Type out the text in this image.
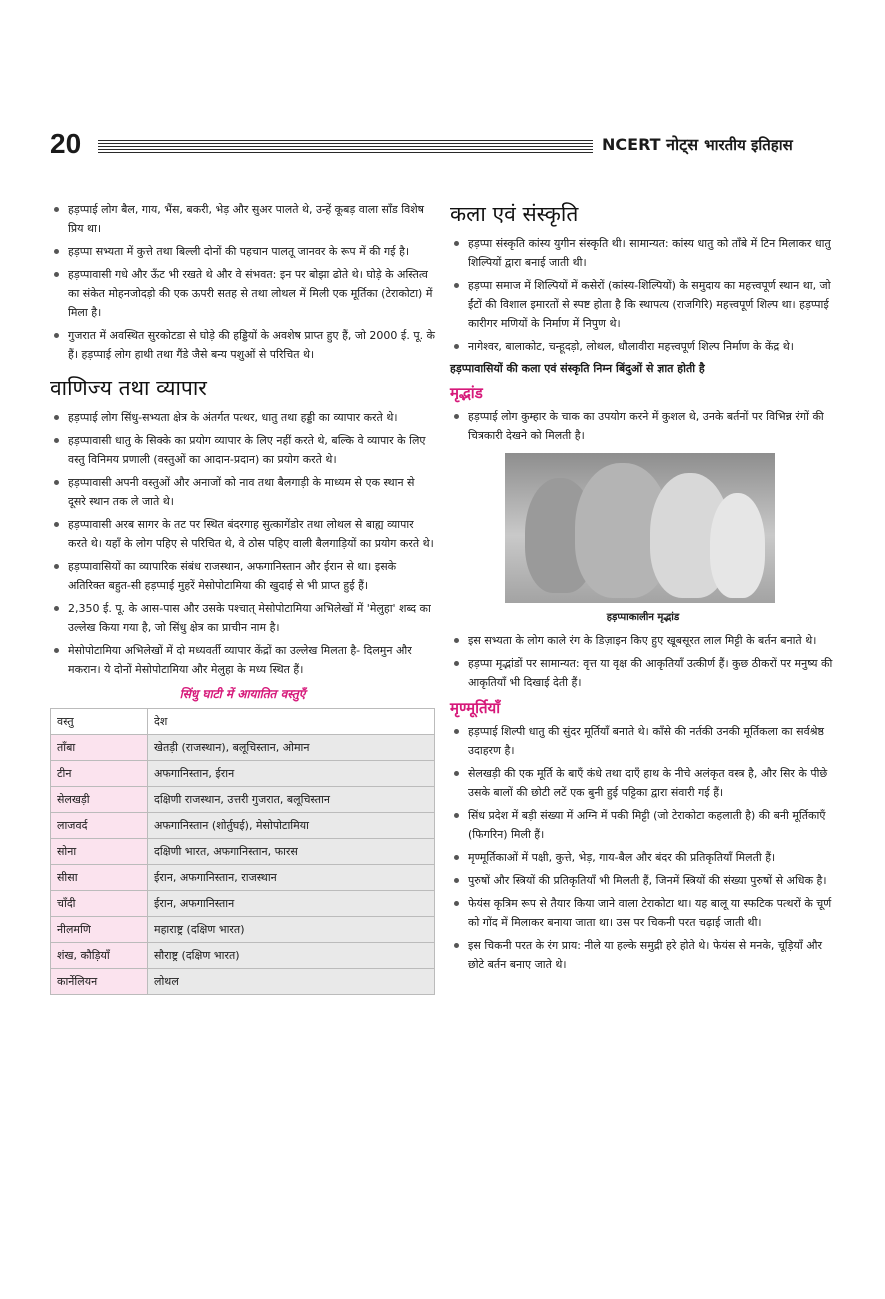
20	NCERT नोट्स भारतीय इतिहास
हड़प्पाई लोग बैल, गाय, भैंस, बकरी, भेड़ और सुअर पालते थे, उन्हें कूबड़ वाला साँड विशेष प्रिय था।
हड़प्पा सभ्यता में कुत्ते तथा बिल्ली दोनों की पहचान पालतू जानवर के रूप में की गई है।
हड़प्पावासी गधे और ऊँट भी रखते थे और वे संभवत: इन पर बोझा ढोते थे। घोड़े के अस्तित्व का संकेत मोहनजोदड़ो की एक ऊपरी सतह से तथा लोथल में मिली एक मूर्तिका (टेराकोटा) में मिला है।
गुजरात में अवस्थित सुरकोटडा से घोड़े की हड्डियों के अवशेष प्राप्त हुए हैं, जो 2000 ई. पू. के हैं। हड़प्पाई लोग हाथी तथा गैंडे जैसे बन्य पशुओं से परिचित थे।
वाणिज्य तथा व्यापार
हड़प्पाई लोग सिंधु-सभ्यता क्षेत्र के अंतर्गत पत्थर, धातु तथा हड्डी का व्यापार करते थे।
हड़प्पावासी धातु के सिक्के का प्रयोग व्यापार के लिए नहीं करते थे, बल्कि वे व्यापार के लिए वस्तु विनिमय प्रणाली (वस्तुओं का आदान-प्रदान) का प्रयोग करते थे।
हड़प्पावासी अपनी वस्तुओं और अनाजों को नाव तथा बैलगाड़ी के माध्यम से एक स्थान से दूसरे स्थान तक ले जाते थे।
हड़प्पावासी अरब सागर के तट पर स्थित बंदरगाह सुत्कागेंडोर तथा लोथल से बाह्य व्यापार करते थे। यहाँ के लोग पहिए से परिचित थे, वे ठोस पहिए वाली बैलगाड़ियों का प्रयोग करते थे।
हड़प्पावासियों का व्यापारिक संबंध राजस्थान, अफगानिस्तान और ईरान से था। इसके अतिरिक्त बहुत-सी हड़प्पाई मुहरें मेसोपोटामिया की खुदाई से भी प्राप्त हुई हैं।
2,350 ई. पू. के आस-पास और उसके पश्चात् मेसोपोटामिया अभिलेखों में 'मेलुहा' शब्द का उल्लेख किया गया है, जो सिंधु क्षेत्र का प्राचीन नाम है।
मेसोपोटामिया अभिलेखों में दो मध्यवर्ती व्यापार केंद्रों का उल्लेख मिलता है- दिलमुन और मकरान। ये दोनों मेसोपोटामिया और मेलुहा के मध्य स्थित हैं।
सिंधु घाटी में आयातित वस्तुएँ
वस्तु	देश
ताँबा	खेतड़ी (राजस्थान), बलूचिस्तान, ओमान
टीन	अफगानिस्तान, ईरान
सेलखड़ी	दक्षिणी राजस्थान, उत्तरी गुजरात, बलूचिस्तान
लाजवर्द	अफगानिस्तान (शोर्तुघई), मेसोपोटामिया
सोना	दक्षिणी भारत, अफगानिस्तान, फारस
सीसा	ईरान, अफगानिस्तान, राजस्थान
चाँदी	ईरान, अफगानिस्तान
नीलमणि	महाराष्ट्र (दक्षिण भारत)
शंख, कौड़ियाँ	सौराष्ट्र (दक्षिण भारत)
कार्नेलियन	लोथल
कला एवं संस्कृति
हड़प्पा संस्कृति कांस्य युगीन संस्कृति थी। सामान्यत: कांस्य धातु को ताँबे में टिन मिलाकर धातु शिल्पियों द्वारा बनाई जाती थी।
हड़प्पा समाज में शिल्पियों में कसेरों (कांस्य-शिल्पियों) के समुदाय का महत्त्वपूर्ण स्थान था, जो ईंटों की विशाल इमारतों से स्पष्ट होता है कि स्थापत्य (राजगिरि) महत्त्वपूर्ण शिल्प था। हड़प्पाई कारीगर मणियों के निर्माण में निपुण थे।
नागेश्वर, बालाकोट, चन्हूदड़ो, लोथल, धौलावीरा महत्त्वपूर्ण शिल्प निर्माण के केंद्र थे।
हड़प्पावासियों की कला एवं संस्कृति निम्न बिंदुओं से ज्ञात होती है
मृद्भांड
हड़प्पाई लोग कुम्हार के चाक का उपयोग करने में कुशल थे, उनके बर्तनों पर विभिन्न रंगों की चित्रकारी देखने को मिलती है।
हड़प्पाकालीन मृद्भांड
इस सभ्यता के लोग काले रंग के डिज़ाइन किए हुए खूबसूरत लाल मिट्टी के बर्तन बनाते थे।
हड़प्पा मृद्भांडों पर सामान्यत: वृत्त या वृक्ष की आकृतियाँ उत्कीर्ण हैं। कुछ ठीकरों पर मनुष्य की आकृतियाँ भी दिखाई देती हैं।
मृण्मूर्तियाँ
हड़प्पाई शिल्पी धातु की सुंदर मूर्तियाँ बनाते थे। काँसे की नर्तकी उनकी मूर्तिकला का सर्वश्रेष्ठ उदाहरण है।
सेलखड़ी की एक मूर्ति के बाएँ कंधे तथा दाएँ हाथ के नीचे अलंकृत वस्त्र है, और सिर के पीछे उसके बालों की छोटी लटें एक बुनी हुई पट्टिका द्वारा संवारी गई हैं।
सिंध प्रदेश में बड़ी संख्या में अग्नि में पकी मिट्टी (जो टेराकोटा कहलाती है) की बनी मूर्तिकाएँ (फिगरिन) मिली हैं।
मृण्मूर्तिकाओं में पक्षी, कुत्ते, भेड़, गाय-बैल और बंदर की प्रतिकृतियाँ मिलती हैं।
पुरुषों और स्त्रियों की प्रतिकृतियाँ भी मिलती हैं, जिनमें स्त्रियों की संख्या पुरुषों से अधिक है।
फेयंस कृत्रिम रूप से तैयार किया जाने वाला टेराकोटा था। यह बालू या स्फटिक पत्थरों के चूर्ण को गोंद में मिलाकर बनाया जाता था। उस पर चिकनी परत चढ़ाई जाती थी।
इस चिकनी परत के रंग प्राय: नीले या हल्के समुद्री हरे होते थे। फेयंस से मनके, चूड़ियाँ और छोटे बर्तन बनाए जाते थे।
